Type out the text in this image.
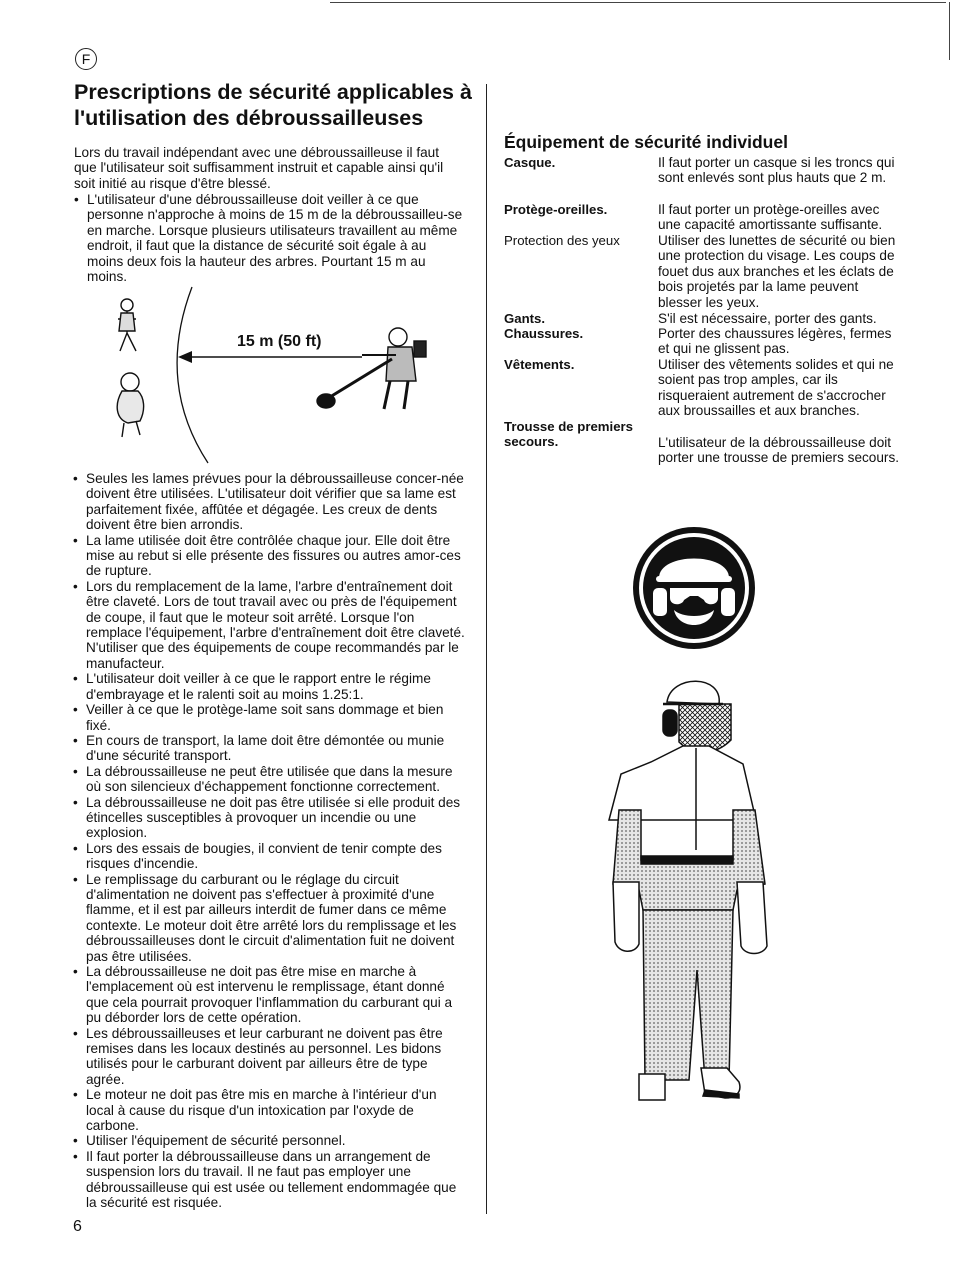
F
Prescriptions de sécurité applicables à l'utilisation des débroussailleuses

Lors du travail indépendant avec une débroussailleuse il faut que l'utilisateur soit suffisamment instruit et capable ainsi qu'il soit initié au risque d'être blessé.

• L'utilisateur d'une débroussailleuse doit veiller à ce que personne n'approche à moins de 15 m de la débroussailleu-se en marche. Lorsque plusieurs utilisateurs travaillent au même endroit, il faut que la distance de sécurité soit égale à au moins deux fois la hauteur des arbres. Pourtant 15 m au moins.
15 m (50 ft)
• Seules les lames prévues pour la débroussailleuse concer-née doivent être utilisées. L'utilisateur doit vérifier que sa lame est parfaitement fixée, affûtée et dégagée. Les creux de dents doivent être bien arrondis.
• La lame utilisée doit être contrôlée chaque jour. Elle doit être mise au rebut si elle présente des fissures ou autres amor-ces de rupture.
• Lors du remplacement de la lame, l'arbre d'entraînement doit être claveté. Lors de tout travail avec ou près de l'équipement de coupe, il faut que le moteur soit arrêté. Lorsque l'on remplace l'équipement, l'arbre d'entraînement doit être claveté. N'utiliser que des équipements de coupe recommandés par le manufacteur.
• L'utilisateur doit veiller à ce que le rapport entre le régime d'embrayage et le ralenti soit au moins 1.25:1.
• Veiller à ce que le protège-lame soit sans dommage et bien fixé.
• En cours de transport, la lame doit être démontée ou munie d'une sécurité transport.
• La débroussailleuse ne peut être utilisée que dans la mesure où son silencieux d'échappement fonctionne correctement.
• La débroussailleuse ne doit pas être utilisée si elle produit des étincelles susceptibles à provoquer un incendie ou une explosion.
• Lors des essais de bougies, il convient de tenir compte des risques d'incendie.
• Le remplissage du carburant ou le réglage du circuit d'alimentation ne doivent pas s'effectuer à proximité d'une flamme, et il est par ailleurs interdit de fumer dans ce même contexte. Le moteur doit être arrêté lors du remplissage et les débroussailleuses dont le circuit d'alimentation fuit ne doivent pas être utilisées.
• La débroussailleuse ne doit pas être mise en marche à l'emplacement où est intervenu le remplissage, étant donné que cela pourrait provoquer l'inflammation du carburant qui a pu déborder lors de cette opération.
• Les débroussailleuses et leur carburant ne doivent pas être remises dans les locaux destinés au personnel. Les bidons utilisés pour le carburant doivent par ailleurs être de type agrée.
• Le moteur ne doit pas être mis en marche à l'intérieur d'un local à cause du risque d'un intoxication par l'oxyde de carbone.
• Utiliser l'équipement de sécurité personnel.
• Il faut porter la débroussailleuse dans un arrangement de suspension lors du travail. Il ne faut pas employer une débroussailleuse qui est usée ou tellement endommagée que la sécurité est risquée.
6
Équipement de sécurité individuel
Casque.	Il faut porter un casque si les troncs qui sont enlevés sont plus hauts que 2 m.
Protège-oreilles.	Il faut porter un protège-oreilles avec une capacité amortissante suffisante.
Protection des yeux	Utiliser des lunettes de sécurité ou bien une protection du visage. Les coups de fouet dus aux branches et les éclats de bois projetés par la lame peuvent blesser les yeux.
Gants.	S'il est nécessaire, porter des gants.
Chaussures.	Porter des chaussures légères, fermes et qui ne glissent pas.
Vêtements.	Utiliser des vêtements solides et qui ne soient pas trop amples, car ils risqueraient autrement de s'accrocher aux broussailles et aux branches.
Trousse de premiers secours.	L'utilisateur de la débroussailleuse doit porter une trousse de premiers secours.
